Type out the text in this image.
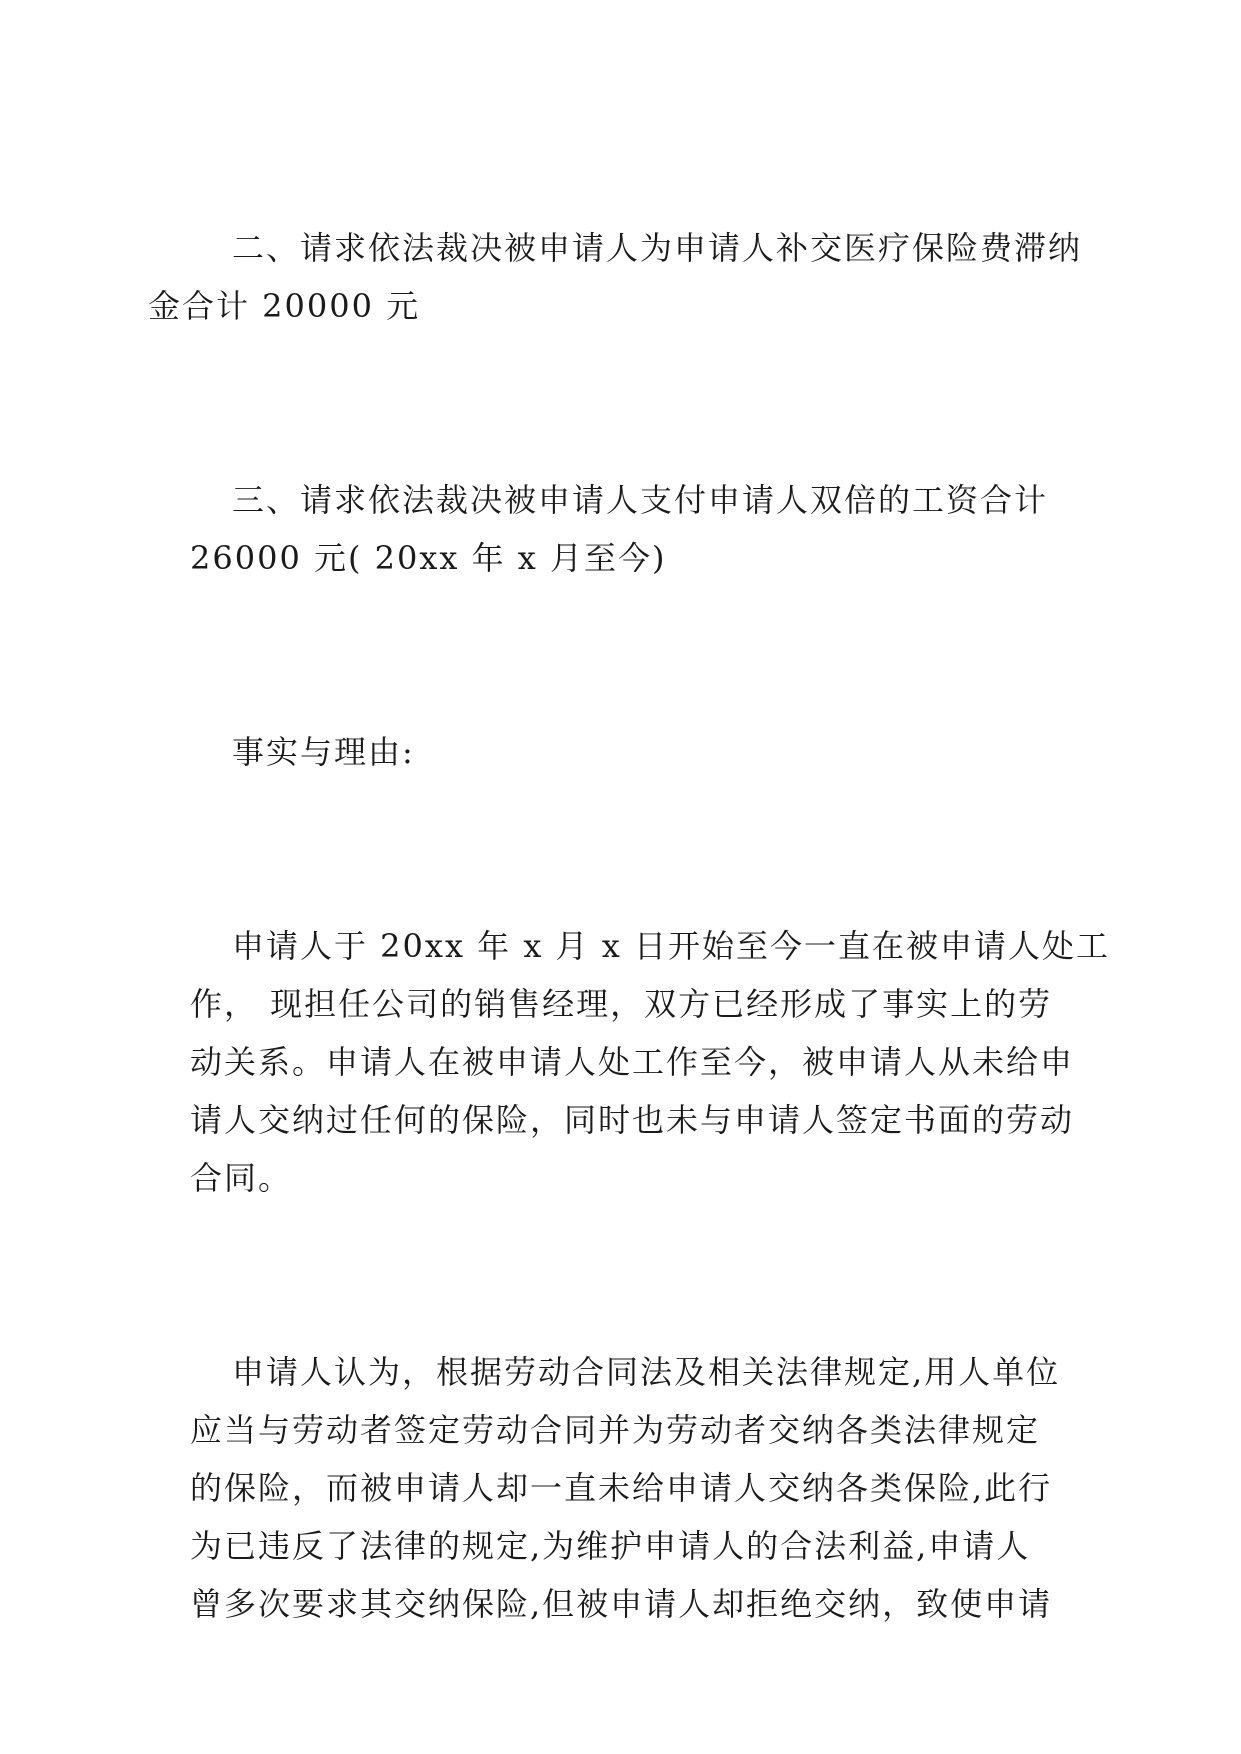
二、请求依法裁决被申请人为申请人补交医疗保险费滞纳
金合计 20000 元

三、请求依法裁决被申请人支付申请人双倍的工资合计
26000 元( 20xx 年 x 月至今)

事实与理由:

申请人于 20xx 年 x 月 x 日开始至今一直在被申请人处工
作， 现担任公司的销售经理，双方已经形成了事实上的劳
动关系。申请人在被申请人处工作至今，被申请人从未给申
请人交纳过任何的保险，同时也未与申请人签定书面的劳动
合同。

申请人认为，根据劳动合同法及相关法律规定,用人单位
应当与劳动者签定劳动合同并为劳动者交纳各类法律规定
的保险，而被申请人却一直未给申请人交纳各类保险,此行
为已违反了法律的规定,为维护申请人的合法利益,申请人
曾多次要求其交纳保险,但被申请人却拒绝交纳，致使申请
